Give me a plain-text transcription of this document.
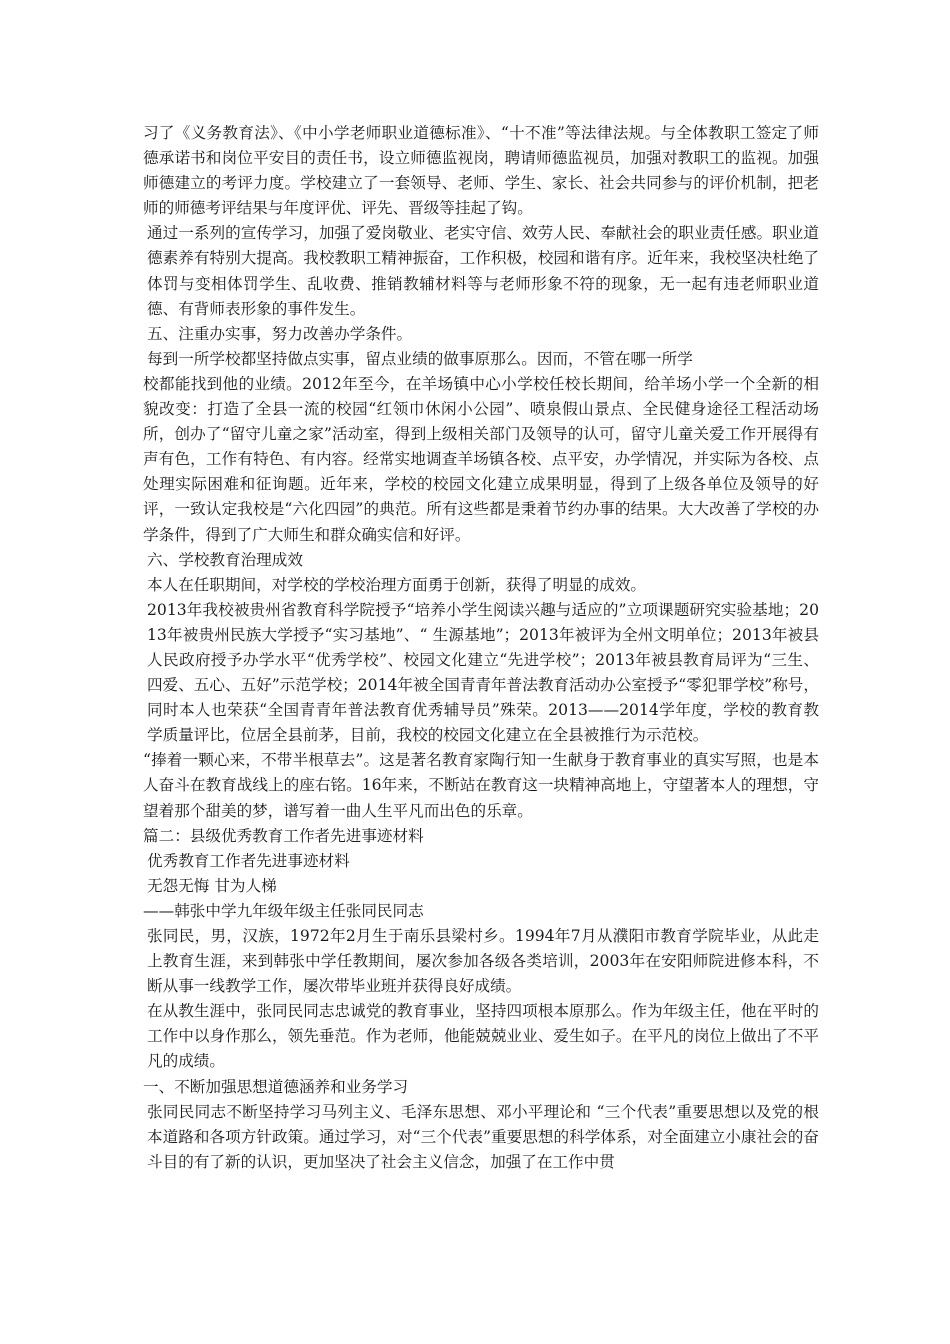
习了《义务教育法》、《中小学老师职业道德标准》、“十不准”等法律法规。与全体教职工签定了师德承诺书和岗位平安目的责任书，设立师德监视岗，聘请师德监视员，加强对教职工的监视。加强师德建立的考评力度。学校建立了一套领导、老师、学生、家长、社会共同参与的评价机制，把老师的师德考评结果与年度评优、评先、晋级等挂起了钩。

通过一系列的宣传学习，加强了爱岗敬业、老实守信、效劳人民、奉献社会的职业责任感。职业道德素养有特别大提高。我校教职工精神振奋，工作积极，校园和谐有序。近年来，我校坚决杜绝了体罚与变相体罚学生、乱收费、推销教辅材料等与老师形象不符的现象，无一起有违老师职业道德、有背师表形象的事件发生。

五、注重办实事，努力改善办学条件。

每到一所学校都坚持做点实事，留点业绩的做事原那么。因而，不管在哪一所学

校都能找到他的业绩。2012年至今，在羊场镇中心小学校任校长期间，给羊场小学一个全新的相貌改变：打造了全县一流的校园“红领巾休闲小公园”、喷泉假山景点、全民健身途径工程活动场所，创办了“留守儿童之家”活动室，得到上级相关部门及领导的认可，留守儿童关爱工作开展得有声有色，工作有特色、有内容。经常实地调查羊场镇各校、点平安，办学情况，并实际为各校、点处理实际困难和征询题。近年来，学校的校园文化建立成果明显，得到了上级各单位及领导的好评，一致认定我校是“六化四园”的典范。所有这些都是秉着节约办事的结果。大大改善了学校的办学条件，得到了广大师生和群众确实信和好评。

六、学校教育治理成效

本人在任职期间，对学校的学校治理方面勇于创新，获得了明显的成效。

2013年我校被贵州省教育科学院授予“培养小学生阅读兴趣与适应的”立项课题研究实验基地；2013年被贵州民族大学授予“实习基地”、“ 生源基地”；2013年被评为全州文明单位；2013年被县人民政府授予办学水平“优秀学校”、校园文化建立“先进学校”；2013年被县教育局评为“三生、四爱、五心、五好”示范学校；2014年被全国青青年普法教育活动办公室授予“零犯罪学校”称号，同时本人也荣获“全国青青年普法教育优秀辅导员”殊荣。2013——2014学年度，学校的教育教学质量评比，位居全县前茅，目前，我校的校园文化建立在全县被推行为示范校。

“捧着一颗心来，不带半根草去”。这是著名教育家陶行知一生献身于教育事业的真实写照，也是本人奋斗在教育战线上的座右铭。16年来，不断站在教育这一块精神高地上，守望著本人的理想，守望着那个甜美的梦，谱写着一曲人生平凡而出色的乐章。

篇二：县级优秀教育工作者先进事迹材料

优秀教育工作者先进事迹材料

无怨无悔 甘为人梯

——韩张中学九年级年级主任张同民同志

张同民，男，汉族，1972年2月生于南乐县梁村乡。1994年7月从濮阳市教育学院毕业，从此走上教育生涯，来到韩张中学任教期间，屡次参加各级各类培训，2003年在安阳师院进修本科，不断从事一线教学工作，屡次带毕业班并获得良好成绩。

在从教生涯中，张同民同志忠诚党的教育事业，坚持四项根本原那么。作为年级主任，他在平时的工作中以身作那么，领先垂范。作为老师，他能兢兢业业、爱生如子。在平凡的岗位上做出了不平凡的成绩。

一、不断加强思想道德涵养和业务学习

张同民同志不断坚持学习马列主义、毛泽东思想、邓小平理论和 “三个代表”重要思想以及党的根本道路和各项方针政策。通过学习，对“三个代表”重要思想的科学体系，对全面建立小康社会的奋斗目的有了新的认识，更加坚决了社会主义信念，加强了在工作中贯
